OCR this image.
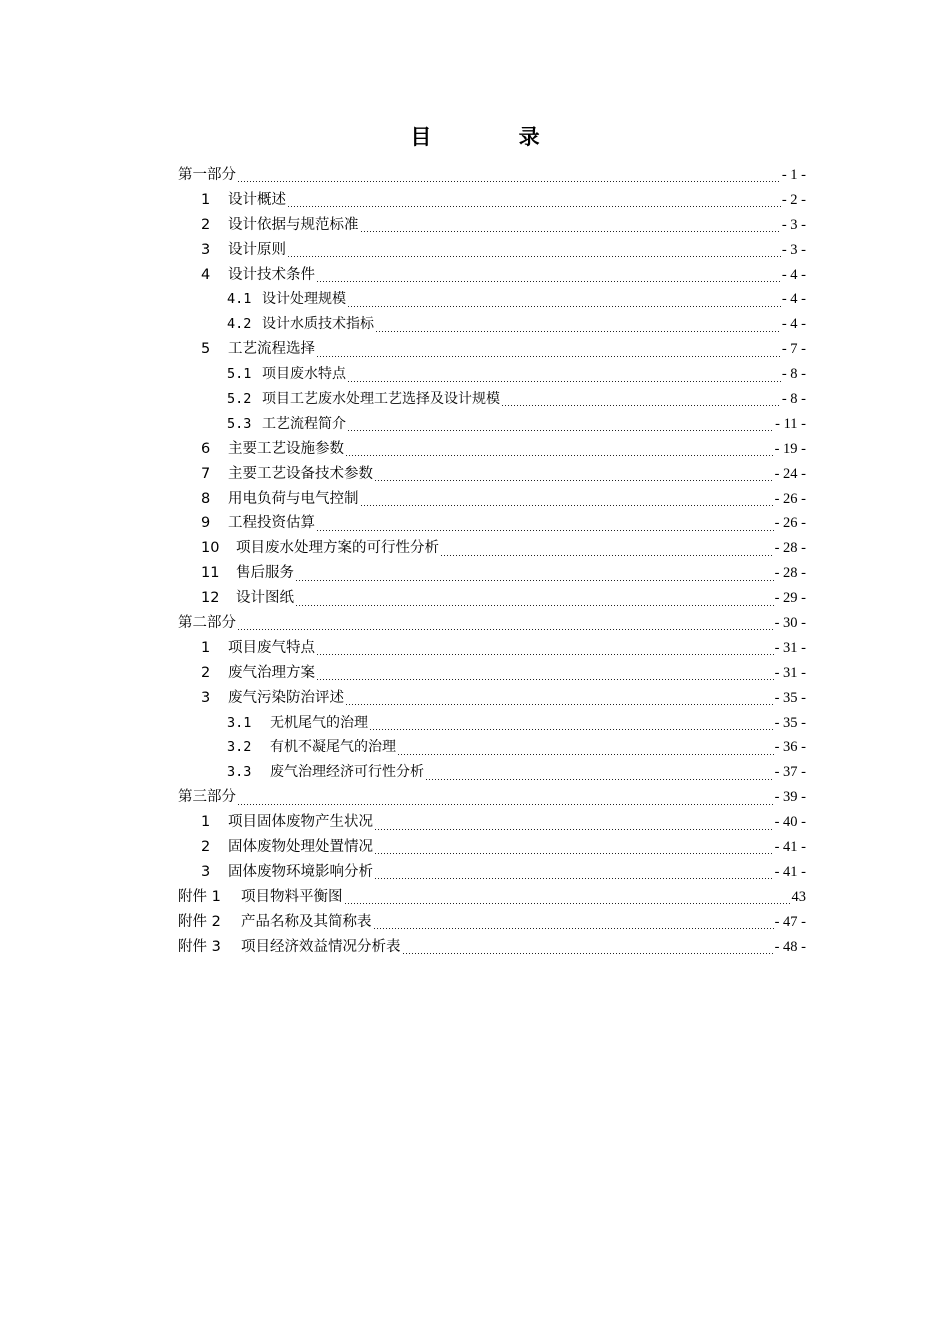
目 录
第一部分	- 1 -
1	设计概述	- 2 -
2	设计依据与规范标准	- 3 -
3	设计原则	- 3 -
4	设计技术条件	- 4 -
4.1 设计处理规模	- 4 -
4.2 设计水质技术指标	- 4 -
5	工艺流程选择	- 7 -
5.1 项目废水特点	- 8 -
5.2 项目工艺废水处理工艺选择及设计规模	- 8 -
5.3 工艺流程简介	- 11 -
6	主要工艺设施参数	- 19 -
7	主要工艺设备技术参数	- 24 -
8	用电负荷与电气控制	- 26 -
9	工程投资估算	- 26 -
10	项目废水处理方案的可行性分析	- 28 -
11	售后服务	- 28 -
12	设计图纸	- 29 -
第二部分	- 30 -
1	项目废气特点	- 31 -
2	废气治理方案	- 31 -
3	废气污染防治评述	- 35 -
3.1	无机尾气的治理	- 35 -
3.2	有机不凝尾气的治理	- 36 -
3.3	废气治理经济可行性分析	- 37 -
第三部分	- 39 -
1	项目固体废物产生状况	- 40 -
2	固体废物处理处置情况	- 41 -
3	固体废物环境影响分析	- 41 -
附件 1	项目物料平衡图	43
附件 2	产品名称及其简称表	- 47 -
附件 3	项目经济效益情况分析表	- 48 -
